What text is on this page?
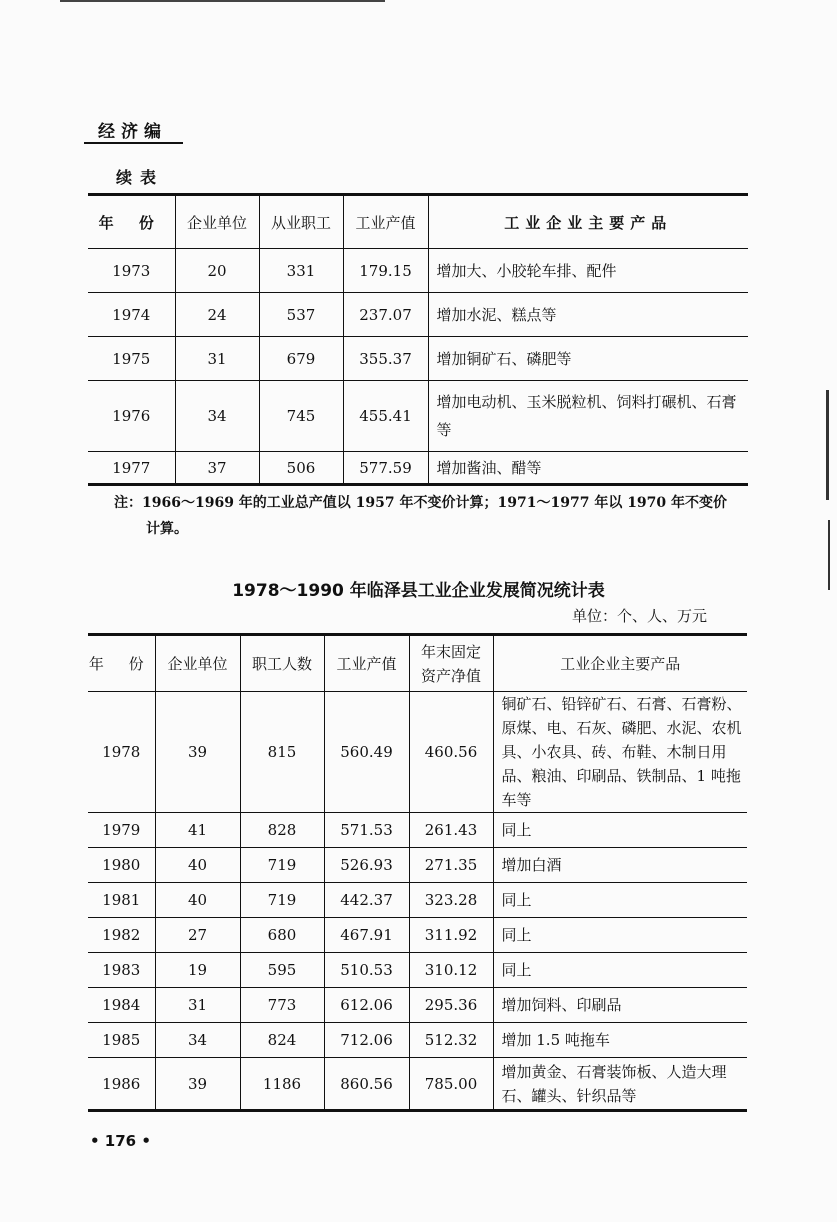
经济编
续表
年 份	企业单位	从业职工	工业产值	工业企业主要产品
1973	20	331	179.15	增加大、小胶轮车排、配件
1974	24	537	237.07	增加水泥、糕点等
1975	31	679	355.37	增加铜矿石、磷肥等
1976	34	745	455.41	增加电动机、玉米脱粒机、饲料打碾机、石膏等
1977	37	506	577.59	增加酱油、醋等
注：1966～1969 年的工业总产值以 1957 年不变价计算；1971～1977 年以 1970 年不变价
计算。
1978～1990 年临泽县工业企业发展简况统计表
单位：个、人、万元
年 份	企业单位	职工人数	工业产值	年末固定资产净值	工业企业主要产品
1978	39	815	560.49	460.56	铜矿石、铅锌矿石、石膏、石膏粉、原煤、电、石灰、磷肥、水泥、农机具、小农具、砖、布鞋、木制日用品、粮油、印刷品、铁制品、1 吨拖车等
1979	41	828	571.53	261.43	同上
1980	40	719	526.93	271.35	增加白酒
1981	40	719	442.37	323.28	同上
1982	27	680	467.91	311.92	同上
1983	19	595	510.53	310.12	同上
1984	31	773	612.06	295.36	增加饲料、印刷品
1985	34	824	712.06	512.32	增加 1.5 吨拖车
1986	39	1186	860.56	785.00	增加黄金、石膏装饰板、人造大理石、罐头、针织品等
• 176 •
